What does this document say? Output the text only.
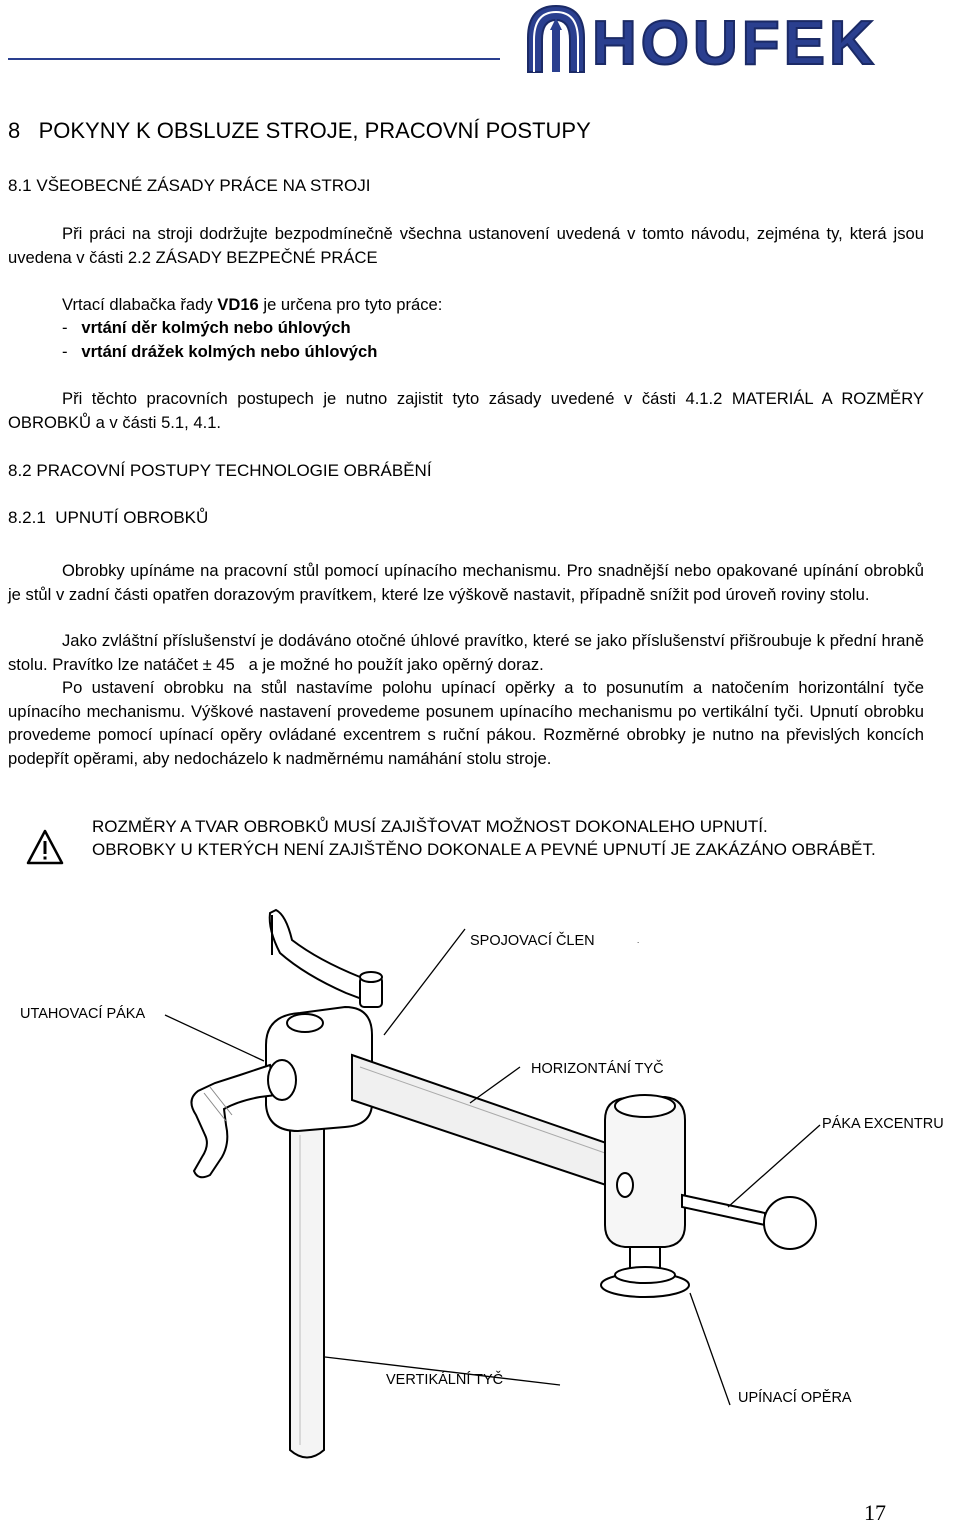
HOUFEK
8   POKYNY K OBSLUZE STROJE, PRACOVNÍ POSTUPY
8.1 VŠEOBECNÉ ZÁSADY PRÁCE NA STROJI
Při práci na stroji dodržujte bezpodmínečně všechna ustanovení uvedená v tomto návodu, zejména ty, která jsou uvedena v části 2.2 ZÁSADY BEZPEČNÉ PRÁCE
Vrtací dlabačka řady VD16 je určena pro tyto práce:
-   vrtání děr kolmých nebo úhlových
-   vrtání drážek kolmých nebo úhlových
Při těchto pracovních postupech je nutno zajistit tyto zásady uvedené v části 4.1.2 MATERIÁL A ROZMĚRY OBROBKŮ a v části 5.1, 4.1.
8.2 PRACOVNÍ POSTUPY TECHNOLOGIE OBRÁBĚNÍ
8.2.1  UPNUTÍ OBROBKŮ
Obrobky upínáme na pracovní stůl pomocí upínacího mechanismu. Pro snadnější nebo opakované upínání obrobků je stůl v zadní části opatřen dorazovým pravítkem, které lze výškově nastavit, případně snížit pod úroveň roviny stolu.
Jako zvláštní příslušenství je dodáváno otočné úhlové pravítko, které se jako příslušenství přišroubuje k přední hraně stolu. Pravítko lze natáčet ± 45   a je možné ho použít jako opěrný doraz.
Po ustavení obrobku na stůl nastavíme polohu upínací opěrky a to posunutím a natočením horizontální tyče upínacího mechanismu. Výškové nastavení provedeme posunem upínacího mechanismu po vertikální tyči. Upnutí obrobku provedeme pomocí upínací opěry ovládané excentrem s ruční pákou. Rozměrné obrobky je nutno na převislých koncích podepřít opěrami, aby nedocházelo k nadměrnému namáhání stolu stroje.
ROZMĚRY A TVAR OBROBKŮ MUSÍ ZAJIŠŤOVAT MOŽNOST DOKONALEHO UPNUTÍ.
OBROBKY U KTERÝCH NENÍ ZAJIŠTĚNO DOKONALE A PEVNÉ UPNUTÍ JE ZAKÁZÁNO OBRÁBĚT.
.
SPOJOVACÍ ČLEN
UTAHOVACÍ PÁKA
HORIZONTÁNÍ TYČ
PÁKA EXCENTRU
VERTIKÁLNÍ TYČ
UPÍNACÍ OPĚRA
17
